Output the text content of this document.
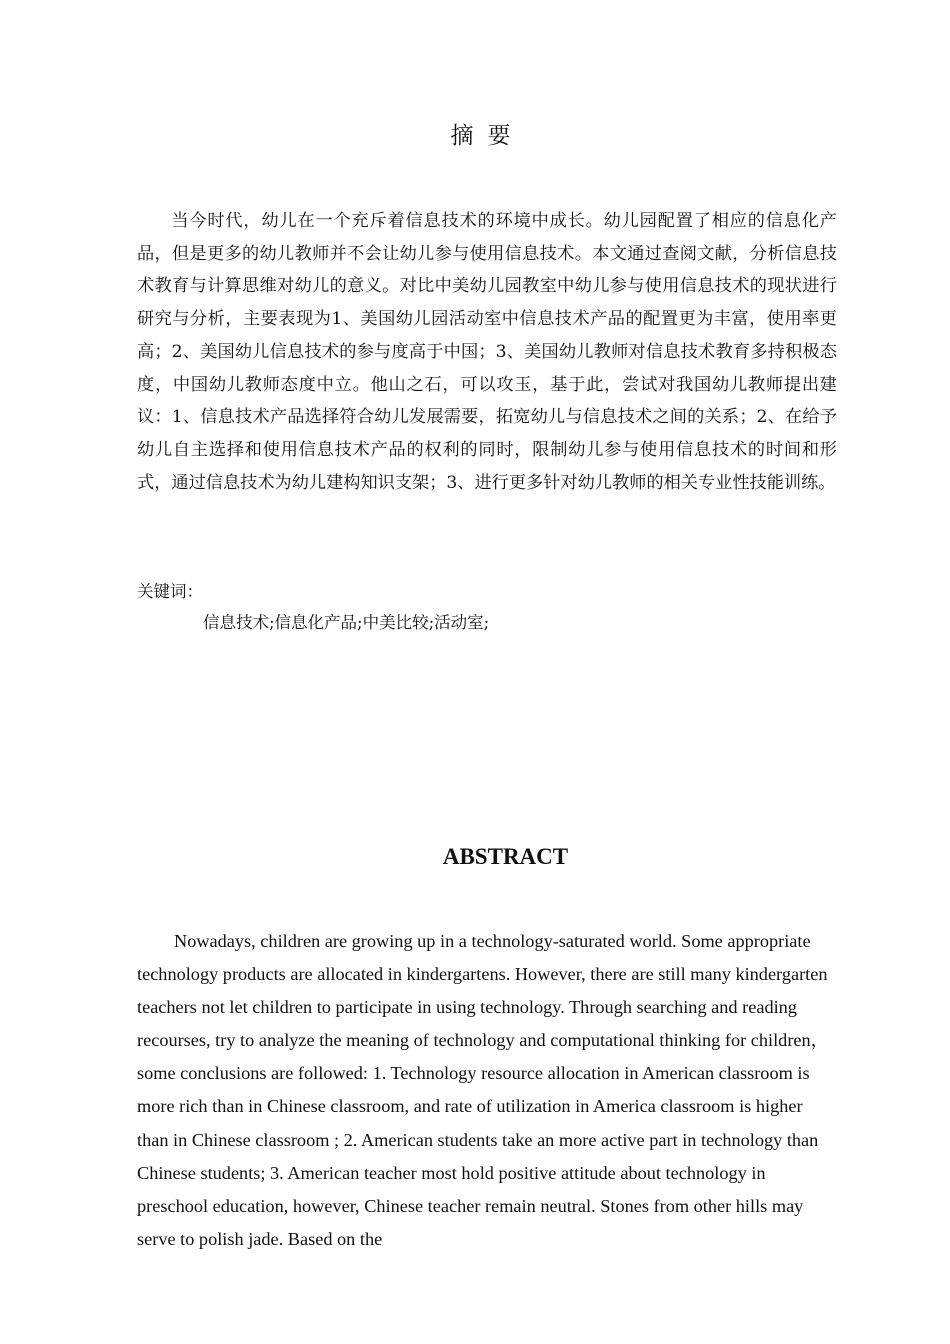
摘要

当今时代，幼儿在一个充斥着信息技术的环境中成长。幼儿园配置了相应的信息化产品，但是更多的幼儿教师并不会让幼儿参与使用信息技术。本文通过查阅文献，分析信息技术教育与计算思维对幼儿的意义。对比中美幼儿园教室中幼儿参与使用信息技术的现状进行研究与分析，主要表现为1、美国幼儿园活动室中信息技术产品的配置更为丰富，使用率更高；2、美国幼儿信息技术的参与度高于中国；3、美国幼儿教师对信息技术教育多持积极态度，中国幼儿教师态度中立。他山之石，可以攻玉，基于此，尝试对我国幼儿教师提出建议：1、信息技术产品选择符合幼儿发展需要，拓宽幼儿与信息技术之间的关系；2、在给予幼儿自主选择和使用信息技术产品的权利的同时，限制幼儿参与使用信息技术的时间和形式，通过信息技术为幼儿建构知识支架；3、进行更多针对幼儿教师的相关专业性技能训练。

关键词：
信息技术;信息化产品;中美比较;活动室;
ABSTRACT

Nowadays, children are growing up in a technology-saturated world. Some appropriate technology products are allocated in kindergartens. However, there are still many kindergarten teachers not let children to participate in using technology. Through searching and reading recourses, try to analyze the meaning of technology and computational thinking for children，some conclusions are followed: 1. Technology resource allocation in American classroom is more rich than in Chinese classroom, and rate of utilization in America classroom is higher than in Chinese classroom ; 2. American students take an more active part in technology than Chinese students; 3. American teacher most hold positive attitude about technology in preschool education, however, Chinese teacher remain neutral. Stones from other hills may serve to polish jade. Based on the
